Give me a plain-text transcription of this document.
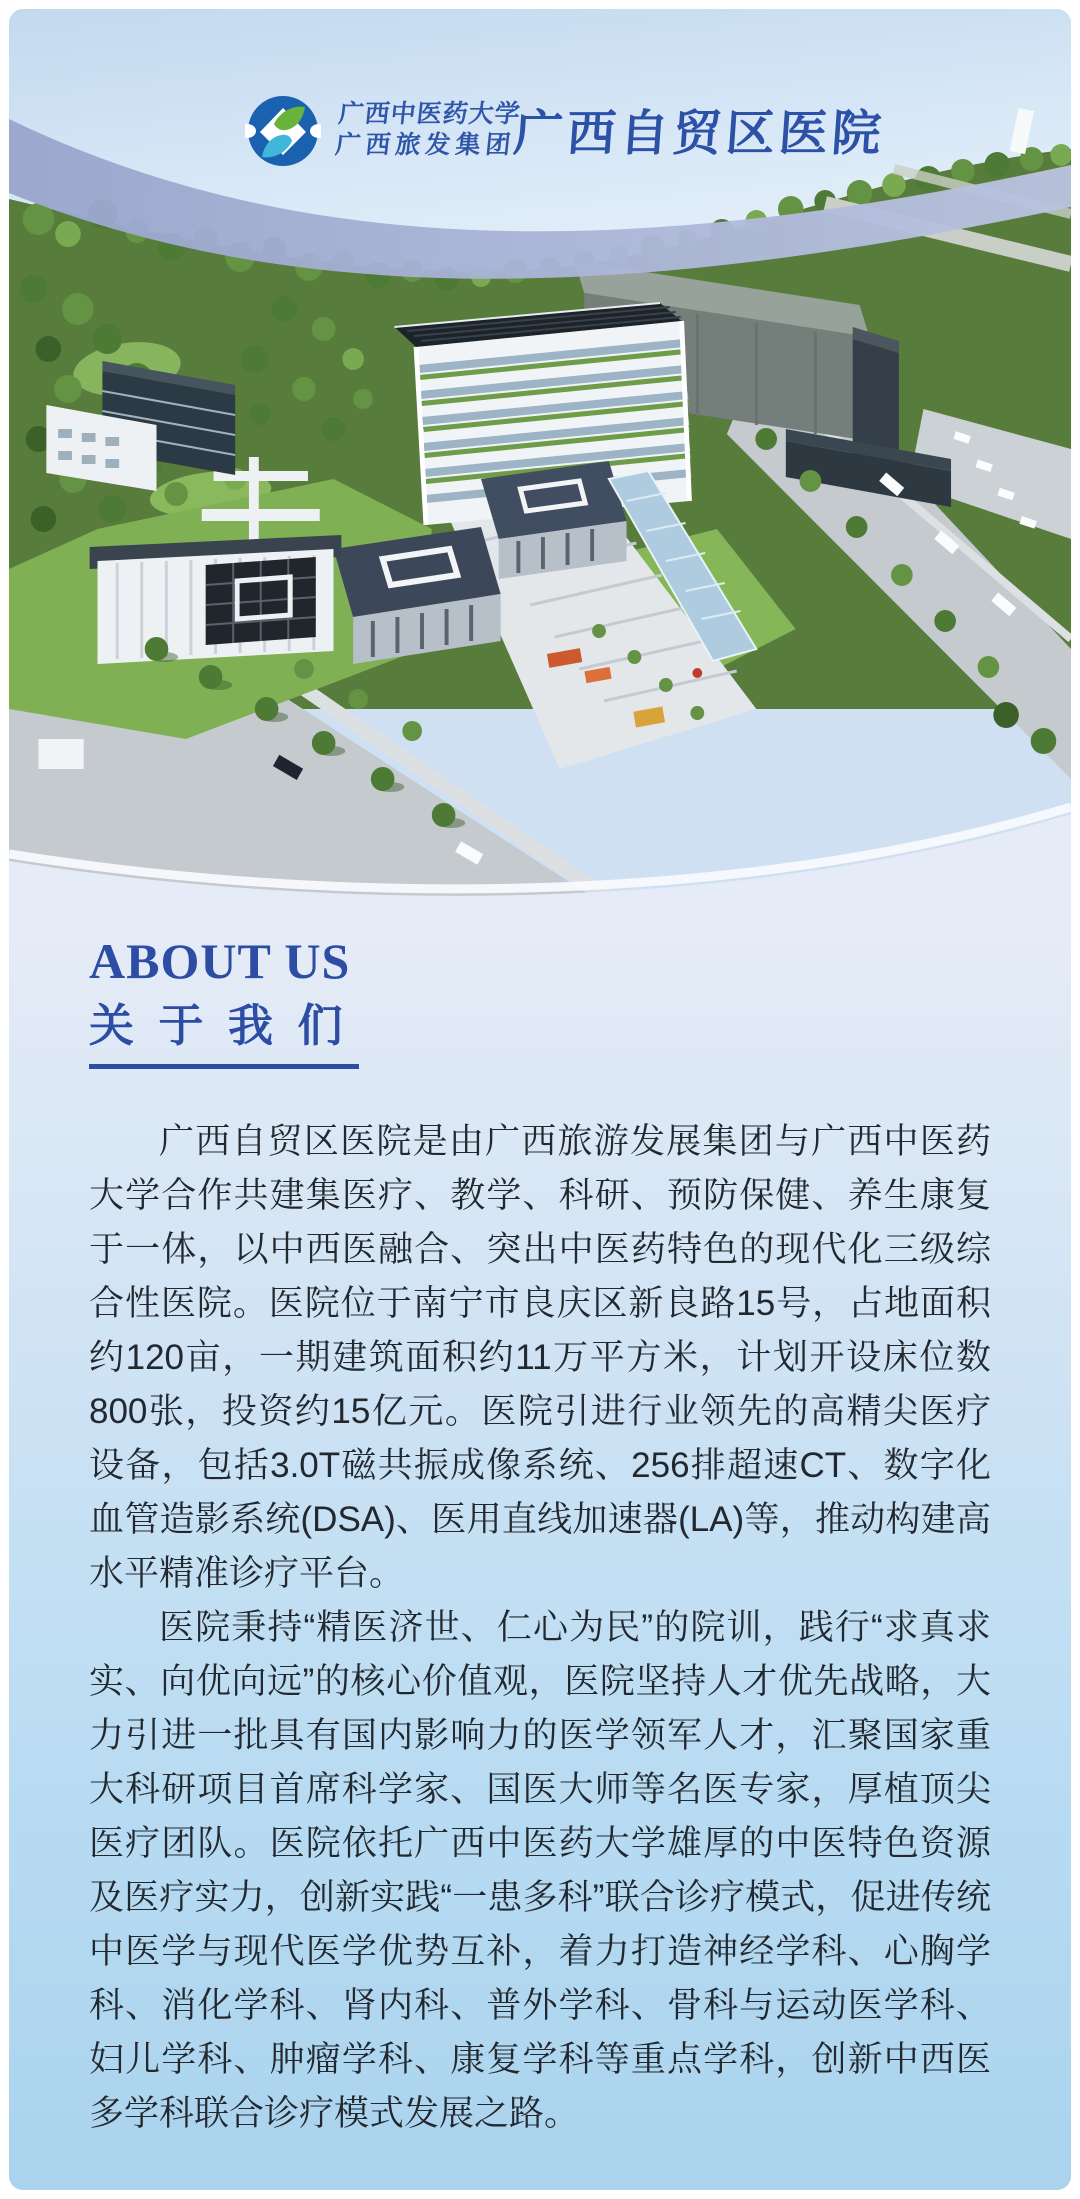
广西中医药大学
广西旅发集团
广西自贸区医院
ABOUT US
关 于 我 们

广西自贸区医院是由广西旅游发展集团与广西中医药大学合作共建集医疗、教学、科研、预防保健、养生康复于一体，以中西医融合、突出中医药特色的现代化三级综合性医院。医院位于南宁市良庆区新良路15号，占地面积约120亩，一期建筑面积约11万平方米，计划开设床位数800张，投资约15亿元。医院引进行业领先的高精尖医疗设备，包括3.0T磁共振成像系统、256排超速CT、数字化血管造影系统(DSA)、医用直线加速器(LA)等，推动构建高水平精准诊疗平台。

医院秉持“精医济世、仁心为民”的院训，践行“求真求实、向优向远”的核心价值观，医院坚持人才优先战略，大力引进一批具有国内影响力的医学领军人才，汇聚国家重大科研项目首席科学家、国医大师等名医专家，厚植顶尖医疗团队。医院依托广西中医药大学雄厚的中医特色资源及医疗实力，创新实践“一患多科”联合诊疗模式，促进传统中医学与现代医学优势互补，着力打造神经学科、心胸学科、消化学科、肾内科、普外学科、骨科与运动医学科、妇儿学科、肿瘤学科、康复学科等重点学科，创新中西医多学科联合诊疗模式发展之路。
